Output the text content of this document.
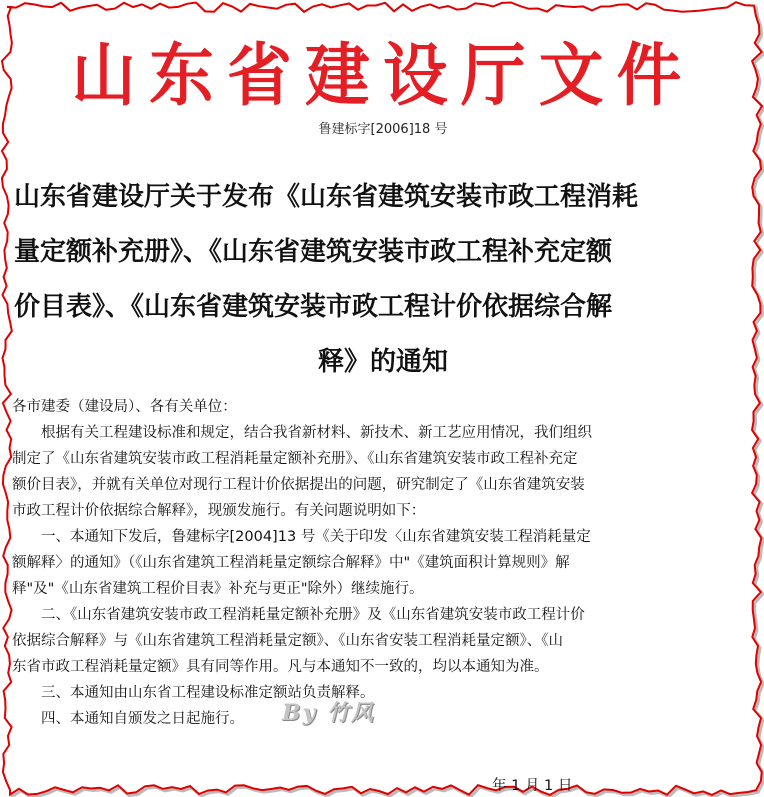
山东省建设厅文件
鲁建标字[2006]18 号
山东省建设厅关于发布《山东省建筑安装市政工程消耗
量定额补充册》、《山东省建筑安装市政工程补充定额
价目表》、《山东省建筑安装市政工程计价依据综合解
释》的通知
各市建委（建设局）、各有关单位：
根据有关工程建设标准和规定，结合我省新材料、新技术、新工艺应用情况，我们组织
制定了《山东省建筑安装市政工程消耗量定额补充册》、《山东省建筑安装市政工程补充定
额价目表》，并就有关单位对现行工程计价依据提出的问题，研究制定了《山东省建筑安装
市政工程计价依据综合解释》，现颁发施行。有关问题说明如下：
一、本通知下发后，鲁建标字[2004]13 号《关于印发〈山东省建筑安装工程消耗量定
额解释〉的通知》（《山东省建筑工程消耗量定额综合解释》中"《建筑面积计算规则》解
释"及"《山东省建筑工程价目表》补充与更正"除外）继续施行。
二、《山东省建筑安装市政工程消耗量定额补充册》及《山东省建筑安装市政工程计价
依据综合解释》与《山东省建筑工程消耗量定额》、《山东省安装工程消耗量定额》、《山
东省市政工程消耗量定额》具有同等作用。凡与本通知不一致的，均以本通知为准。
三、本通知由山东省工程建设标准定额站负责解释。
四、本通知自颁发之日起施行。	By 竹风
年 1 月 1 日
